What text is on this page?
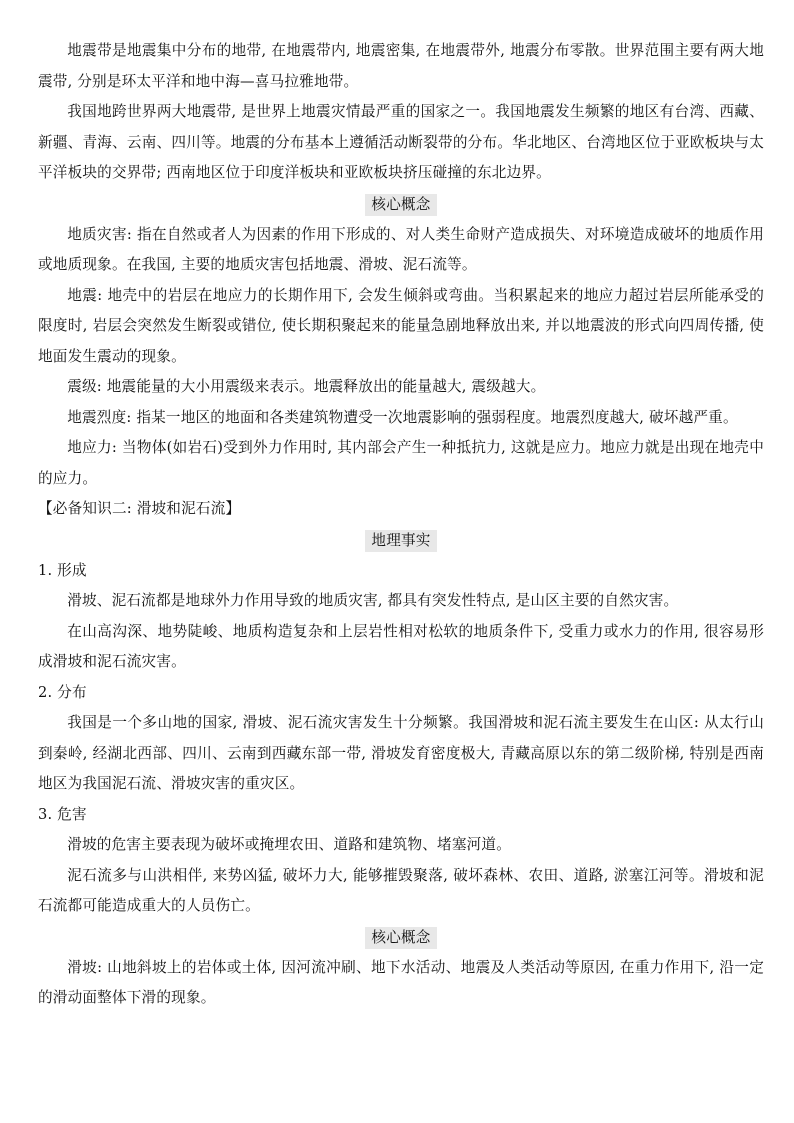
地震带是地震集中分布的地带, 在地震带内, 地震密集, 在地震带外, 地震分布零散。世界范围主要有两大地震带, 分别是环太平洋和地中海—喜马拉雅地带。

我国地跨世界两大地震带, 是世界上地震灾情最严重的国家之一。我国地震发生频繁的地区有台湾、西藏、新疆、青海、云南、四川等。地震的分布基本上遵循活动断裂带的分布。华北地区、台湾地区位于亚欧板块与太平洋板块的交界带; 西南地区位于印度洋板块和亚欧板块挤压碰撞的东北边界。

核心概念

地质灾害: 指在自然或者人为因素的作用下形成的、对人类生命财产造成损失、对环境造成破坏的地质作用或地质现象。在我国, 主要的地质灾害包括地震、滑坡、泥石流等。

地震: 地壳中的岩层在地应力的长期作用下, 会发生倾斜或弯曲。当积累起来的地应力超过岩层所能承受的限度时, 岩层会突然发生断裂或错位, 使长期积聚起来的能量急剧地释放出来, 并以地震波的形式向四周传播, 使地面发生震动的现象。

震级: 地震能量的大小用震级来表示。地震释放出的能量越大, 震级越大。

地震烈度: 指某一地区的地面和各类建筑物遭受一次地震影响的强弱程度。地震烈度越大, 破坏越严重。

地应力: 当物体(如岩石)受到外力作用时, 其内部会产生一种抵抗力, 这就是应力。地应力就是出现在地壳中的应力。

【必备知识二: 滑坡和泥石流】

地理事实

1. 形成

滑坡、泥石流都是地球外力作用导致的地质灾害, 都具有突发性特点, 是山区主要的自然灾害。

在山高沟深、地势陡峻、地质构造复杂和上层岩性相对松软的地质条件下, 受重力或水力的作用, 很容易形成滑坡和泥石流灾害。

2. 分布

我国是一个多山地的国家, 滑坡、泥石流灾害发生十分频繁。我国滑坡和泥石流主要发生在山区: 从太行山到秦岭, 经湖北西部、四川、云南到西藏东部一带, 滑坡发育密度极大, 青藏高原以东的第二级阶梯, 特别是西南地区为我国泥石流、滑坡灾害的重灾区。

3. 危害

滑坡的危害主要表现为破坏或掩埋农田、道路和建筑物、堵塞河道。

泥石流多与山洪相伴, 来势凶猛, 破坏力大, 能够摧毁聚落, 破坏森林、农田、道路, 淤塞江河等。滑坡和泥石流都可能造成重大的人员伤亡。

核心概念

滑坡: 山地斜坡上的岩体或土体, 因河流冲刷、地下水活动、地震及人类活动等原因, 在重力作用下, 沿一定的滑动面整体下滑的现象。
